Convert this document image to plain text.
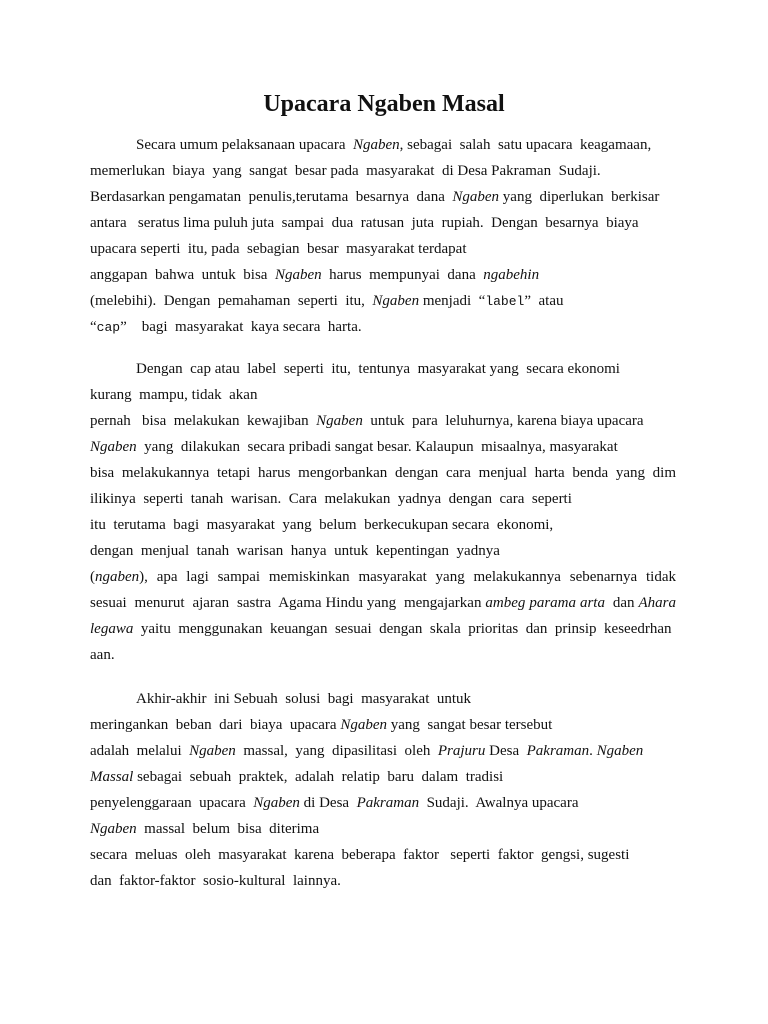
Upacara Ngaben Masal
Secara umum pelaksanaan upacara  Ngaben, sebagai  salah  satu upacara  keagamaan,
memerlukan  biaya  yang  sangat  besar pada  masyarakat  di Desa Pakraman  Sudaji.
Berdasarkan pengamatan  penulis,terutama  besarnya  dana  Ngaben yang  diperlukan  berkisar
antara   seratus lima puluh juta  sampai  dua  ratusan  juta  rupiah.  Dengan  besarnya  biaya
upacara seperti  itu, pada  sebagian  besar  masyarakat terdapat
anggapan  bahwa  untuk  bisa  Ngaben  harus  mempunyai  dana  ngabehin
(melebihi).  Dengan  pemahaman  seperti  itu,  Ngaben menjadi  “label”  atau
“cap”    bagi  masyarakat  kaya secara  harta.
Dengan  cap atau  label  seperti  itu,  tentunya  masyarakat yang  secara ekonomi
kurang  mampu, tidak  akan
pernah   bisa  melakukan  kewajiban  Ngaben  untuk  para  leluhurnya, karena biaya upacara
Ngaben  yang  dilakukan  secara pribadi sangat besar. Kalaupun  misaalnya, masyarakat
bisa  melakukannya  tetapi  harus  mengorbankan  dengan  cara  menjual  harta  benda  yang  dim
ilikinya  seperti  tanah  warisan.  Cara  melakukan  yadnya  dengan  cara  seperti
itu  terutama  bagi  masyarakat  yang  belum  berkecukupan secara  ekonomi,
dengan  menjual  tanah  warisan  hanya  untuk  kepentingan  yadnya
(ngaben),  apa  lagi  sampai  memiskinkan  masyarakat  yang  melakukannya  sebenarnya  tidak
sesuai  menurut  ajaran  sastra  Agama Hindu yang  mengajarkan ambeg parama arta  dan Ahara
legawa  yaitu  menggunakan  keuangan  sesuai  dengan  skala  prioritas  dan  prinsip  keseedrhan
aan.
Akhir-akhir  ini Sebuah  solusi  bagi  masyarakat  untuk
meringankan  beban  dari  biaya  upacara Ngaben yang  sangat besar tersebut
adalah  melalui  Ngaben  massal,  yang  dipasilitasi  oleh  Prajuru Desa  Pakraman. Ngaben
Massal sebagai  sebuah  praktek,  adalah  relatip  baru  dalam  tradisi
penyelenggaraan  upacara  Ngaben di Desa  Pakraman  Sudaji.  Awalnya upacara
Ngaben  massal  belum  bisa  diterima
secara  meluas  oleh  masyarakat  karena  beberapa  faktor   seperti  faktor  gengsi, sugesti
dan  faktor-faktor  sosio-kultural  lainnya.
